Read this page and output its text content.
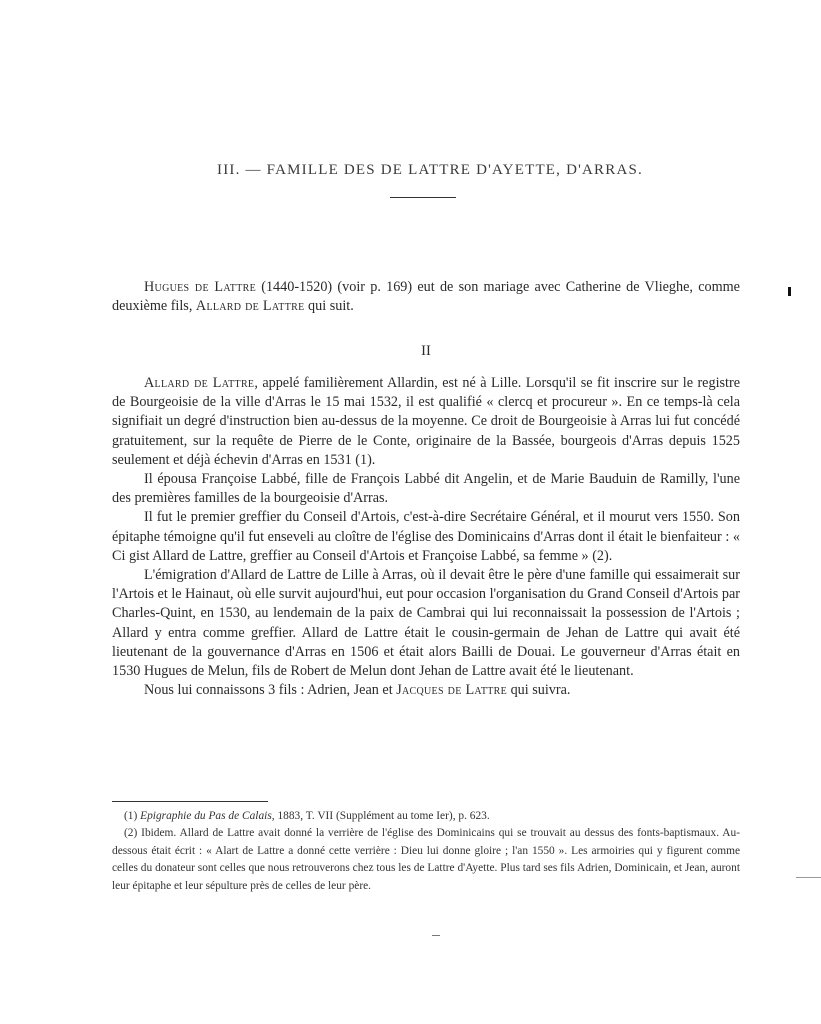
III. — FAMILLE DES DE LATTRE D'AYETTE, D'ARRAS.

Hugues de Lattre (1440-1520) (voir p. 169) eut de son mariage avec Catherine de Vlieghe, comme deuxième fils, Allard de Lattre qui suit.

II

Allard de Lattre, appelé familièrement Allardin, est né à Lille. Lorsqu'il se fit inscrire sur le registre de Bourgeoisie de la ville d'Arras le 15 mai 1532, il est qualifié « clercq et procureur ». En ce temps-là cela signifiait un degré d'instruction bien au-dessus de la moyenne. Ce droit de Bourgeoisie à Arras lui fut concédé gratuitement, sur la requête de Pierre de le Conte, originaire de la Bassée, bourgeois d'Arras depuis 1525 seulement et déjà échevin d'Arras en 1531 (1).

Il épousa Françoise Labbé, fille de François Labbé dit Angelin, et de Marie Bauduin de Ramilly, l'une des premières familles de la bourgeoisie d'Arras.

Il fut le premier greffier du Conseil d'Artois, c'est-à-dire Secrétaire Général, et il mourut vers 1550. Son épitaphe témoigne qu'il fut enseveli au cloître de l'église des Dominicains d'Arras dont il était le bienfaiteur : « Ci gist Allard de Lattre, greffier au Conseil d'Artois et Françoise Labbé, sa femme » (2).

L'émigration d'Allard de Lattre de Lille à Arras, où il devait être le père d'une famille qui essaimerait sur l'Artois et le Hainaut, où elle survit aujourd'hui, eut pour occasion l'organisation du Grand Conseil d'Artois par Charles-Quint, en 1530, au lendemain de la paix de Cambrai qui lui reconnaissait la possession de l'Artois ; Allard y entra comme greffier. Allard de Lattre était le cousin-germain de Jehan de Lattre qui avait été lieutenant de la gouvernance d'Arras en 1506 et était alors Bailli de Douai. Le gouverneur d'Arras était en 1530 Hugues de Melun, fils de Robert de Melun dont Jehan de Lattre avait été le lieutenant.

Nous lui connaissons 3 fils : Adrien, Jean et Jacques de Lattre qui suivra.

(1) Epigraphie du Pas de Calais, 1883, T. VII (Supplément au tome Ier), p. 623.

(2) Ibidem. Allard de Lattre avait donné la verrière de l'église des Dominicains qui se trouvait au dessus des fonts-baptismaux. Au-dessous était écrit : « Alart de Lattre a donné cette verrière : Dieu lui donne gloire ; l'an 1550 ». Les armoiries qui y figurent comme celles du donateur sont celles que nous retrouverons chez tous les de Lattre d'Ayette. Plus tard ses fils Adrien, Dominicain, et Jean, auront leur épitaphe et leur sépulture près de celles de leur père.
